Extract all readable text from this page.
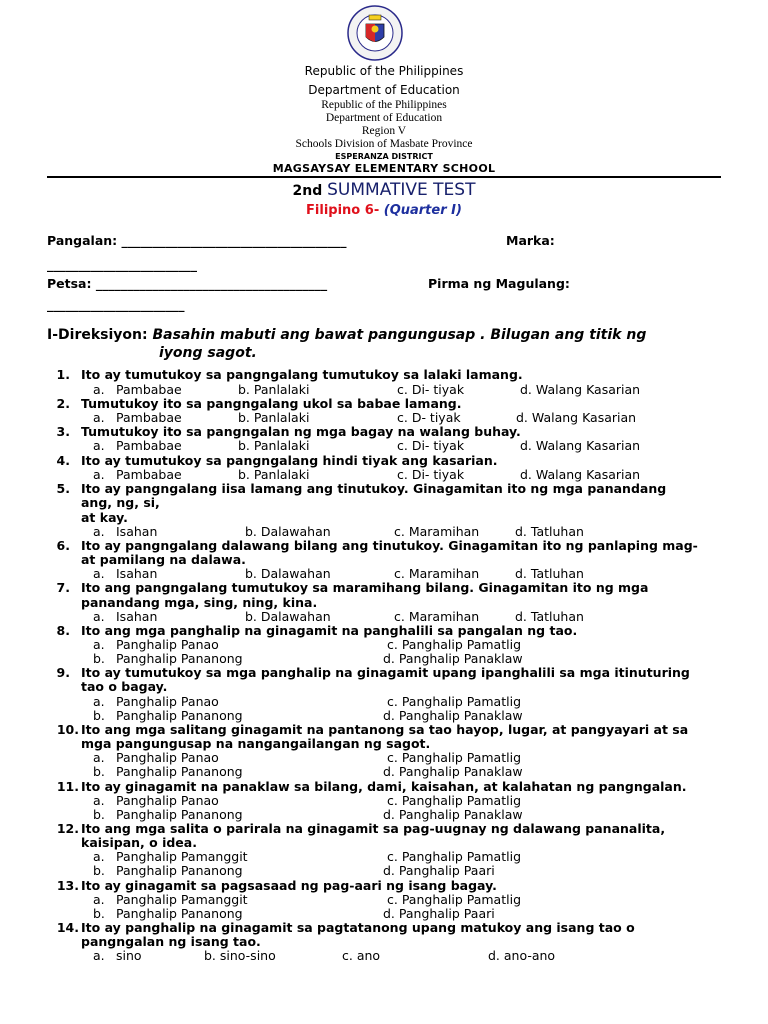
Republic of the Philippines
Department of Education
Republic of the Philippines
Department of Education
Region V
Schools Division of Masbate Province
ESPERANZA DISTRICT
MAGSAYSAY ELEMENTARY SCHOOL
2nd SUMMATIVE TEST
Filipino 6- (Quarter I)
Pangalan: ____________________________________	Marka:
________________________
Petsa: _____________________________________	Pirma ng Magulang:
______________________
I-Direksiyon: Basahin mabuti ang bawat pangungusap . Bilugan ang titik ng
iyong sagot.
1. Ito ay tumutukoy sa pangngalang tumutukoy sa lalaki lamang.
a. Pambabae	b. Panlalaki	c. Di- tiyak	d. Walang Kasarian
2. Tumutukoy ito sa pangngalang ukol sa babae lamang.
a. Pambabae	b. Panlalaki	c. D- tiyak	d. Walang Kasarian
3. Tumutukoy ito sa pangngalan ng mga bagay na walang buhay.
a. Pambabae	b. Panlalaki	c. Di- tiyak	d. Walang Kasarian
4. Ito ay tumutukoy sa pangngalang hindi tiyak ang kasarian.
a. Pambabae	b. Panlalaki	c. Di- tiyak	d. Walang Kasarian
5. Ito ay pangngalang iisa lamang ang tinutukoy. Ginagamitan ito ng mga panandang
ang, ng, si,
at kay.
a. Isahan	b. Dalawahan	c. Maramihan	d. Tatluhan
6. Ito ay pangngalang dalawang bilang ang tinutukoy. Ginagamitan ito ng panlaping mag-
at pamilang na dalawa.
a. Isahan	b. Dalawahan	c. Maramihan	d. Tatluhan
7. Ito ang pangngalang tumutukoy sa maramihang bilang. Ginagamitan ito ng mga
panandang mga, sing, ning, kina.
a. Isahan	b. Dalawahan	c. Maramihan	d. Tatluhan
8. Ito ang mga panghalip na ginagamit na panghalili sa pangalan ng tao.
a. Panghalip Panao	c. Panghalip Pamatlig
b. Panghalip Pananong	d. Panghalip Panaklaw
9. Ito ay tumutukoy sa mga panghalip na ginagamit upang ipanghalili sa mga itinuturing
tao o bagay.
a. Panghalip Panao	c. Panghalip Pamatlig
b. Panghalip Pananong	d. Panghalip Panaklaw
10. Ito ang mga salitang ginagamit na pantanong sa tao hayop, lugar, at pangyayari at sa
mga pangungusap na nangangailangan ng sagot.
a. Panghalip Panao	c. Panghalip Pamatlig
b. Panghalip Pananong	d. Panghalip Panaklaw
11. Ito ay ginagamit na panaklaw sa bilang, dami, kaisahan, at kalahatan ng pangngalan.
a. Panghalip Panao	c. Panghalip Pamatlig
b. Panghalip Pananong	d. Panghalip Panaklaw
12. Ito ang mga salita o parirala na ginagamit sa pag-uugnay ng dalawang pananalita,
kaisipan, o idea.
a. Panghalip Pamanggit	c. Panghalip Pamatlig
b. Panghalip Pananong	d. Panghalip Paari
13. Ito ay ginagamit sa pagsasaad ng pag-aari ng isang bagay.
a. Panghalip Pamanggit	c. Panghalip Pamatlig
b. Panghalip Pananong	d. Panghalip Paari
14. Ito ay panghalip na ginagamit sa pagtatanong upang matukoy ang isang tao o
pangngalan ng isang tao.
a. sino	b. sino-sino	c. ano	d. ano-ano
